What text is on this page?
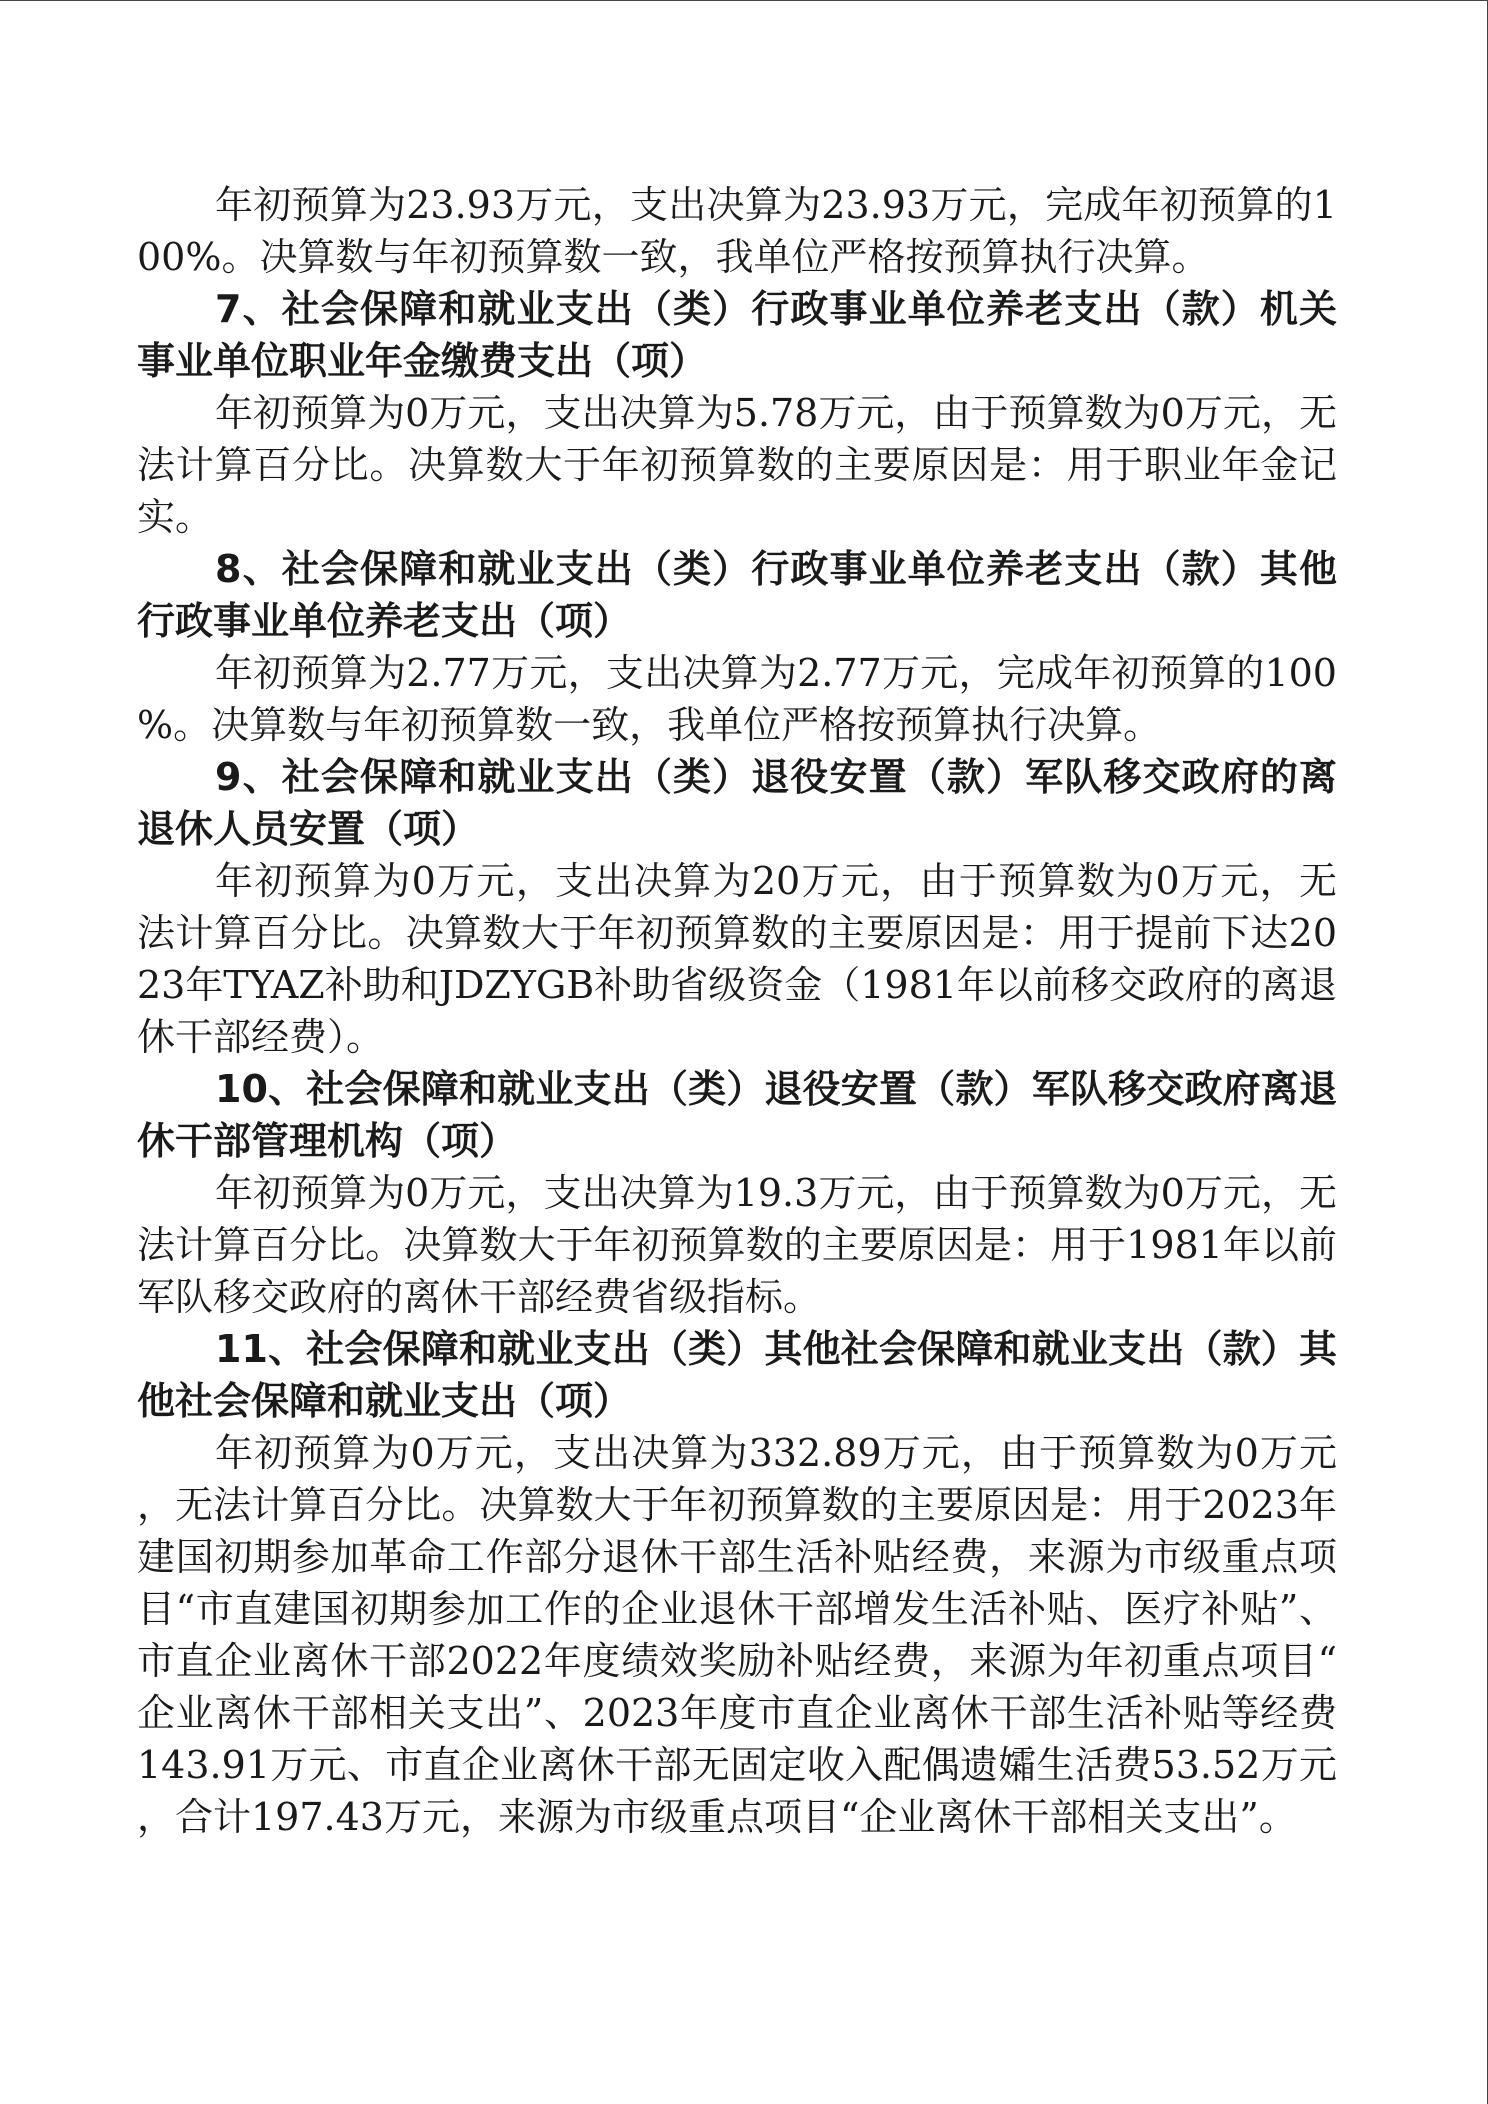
年初预算为23.93万元，支出决算为23.93万元，完成年初预算的100%。决算数与年初预算数一致，我单位严格按预算执行决算。

7、社会保障和就业支出（类）行政事业单位养老支出（款）机关事业单位职业年金缴费支出（项）

年初预算为0万元，支出决算为5.78万元，由于预算数为0万元，无法计算百分比。决算数大于年初预算数的主要原因是：用于职业年金记实。

8、社会保障和就业支出（类）行政事业单位养老支出（款）其他行政事业单位养老支出（项）

年初预算为2.77万元，支出决算为2.77万元，完成年初预算的100%。决算数与年初预算数一致，我单位严格按预算执行决算。

9、社会保障和就业支出（类）退役安置（款）军队移交政府的离退休人员安置（项）

年初预算为0万元，支出决算为20万元，由于预算数为0万元，无法计算百分比。决算数大于年初预算数的主要原因是：用于提前下达2023年TYAZ补助和JDZYGB补助省级资金（1981年以前移交政府的离退休干部经费）。

10、社会保障和就业支出（类）退役安置（款）军队移交政府离退休干部管理机构（项）

年初预算为0万元，支出决算为19.3万元，由于预算数为0万元，无法计算百分比。决算数大于年初预算数的主要原因是：用于1981年以前军队移交政府的离休干部经费省级指标。

11、社会保障和就业支出（类）其他社会保障和就业支出（款）其他社会保障和就业支出（项）

年初预算为0万元，支出决算为332.89万元，由于预算数为0万元，无法计算百分比。决算数大于年初预算数的主要原因是：用于2023年建国初期参加革命工作部分退休干部生活补贴经费，来源为市级重点项目“市直建国初期参加工作的企业退休干部增发生活补贴、医疗补贴”、市直企业离休干部2022年度绩效奖励补贴经费，来源为年初重点项目“企业离休干部相关支出”、2023年度市直企业离休干部生活补贴等经费143.91万元、市直企业离休干部无固定收入配偶遗孀生活费53.52万元，合计197.43万元，来源为市级重点项目“企业离休干部相关支出”。
